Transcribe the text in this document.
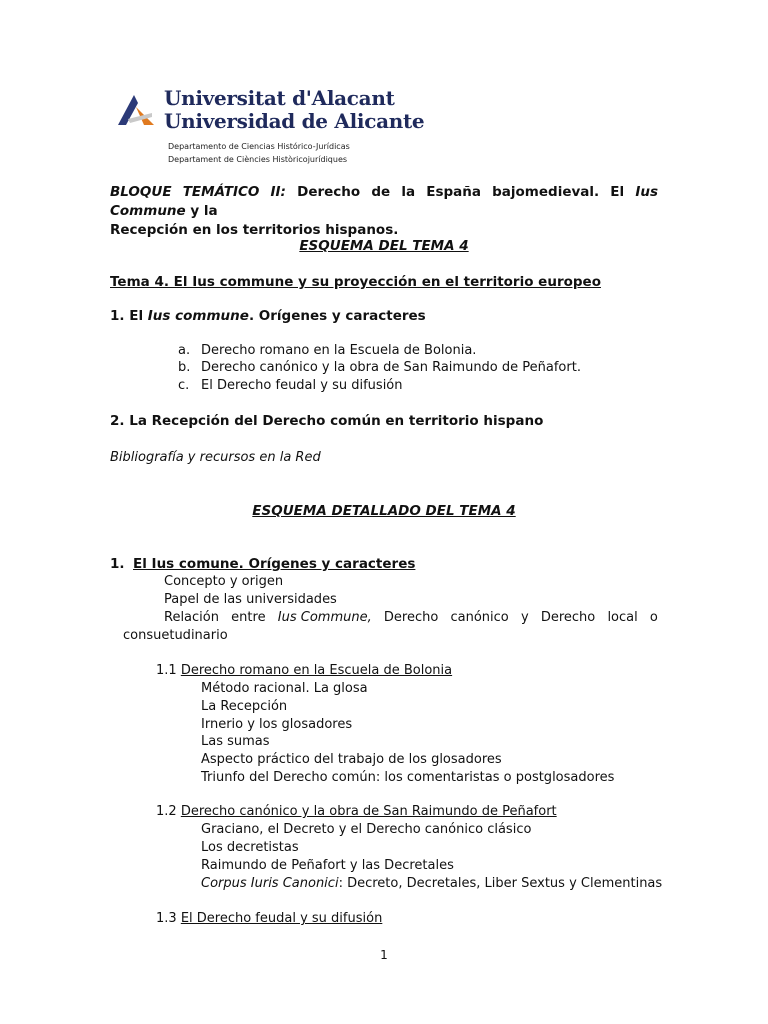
Universitat d'Alacant
Universidad de Alicante
Departamento de Ciencias Histórico-Jurídicas
Departament de Ciències Històricojurídiques
BLOQUE TEMÁTICO II: Derecho de la España bajomedieval. El Ius Commune y la
Recepción en los territorios hispanos.
ESQUEMA DEL TEMA 4
Tema 4. El Ius commune y su proyección en el territorio europeo
1. El Ius commune. Orígenes y caracteres
a. Derecho romano en la Escuela de Bolonia.
b. Derecho canónico y la obra de San Raimundo de Peñafort.
c. El Derecho feudal y su difusión
2. La Recepción del Derecho común en territorio hispano
Bibliografía y recursos en la Red
ESQUEMA DETALLADO DEL TEMA 4
1. El Ius comune. Orígenes y caracteres
Concepto y origen
Papel de las universidades
Relación entre Ius Commune, Derecho canónico y Derecho local o
consuetudinario
1.1 Derecho romano en la Escuela de Bolonia
Método racional. La glosa
La Recepción
Irnerio y los glosadores
Las sumas
Aspecto práctico del trabajo de los glosadores
Triunfo del Derecho común: los comentaristas o postglosadores
1.2 Derecho canónico y la obra de San Raimundo de Peñafort
Graciano, el Decreto y el Derecho canónico clásico
Los decretistas
Raimundo de Peñafort y las Decretales
Corpus Iuris Canonici: Decreto, Decretales, Liber Sextus y Clementinas
1.3 El Derecho feudal y su difusión
1
